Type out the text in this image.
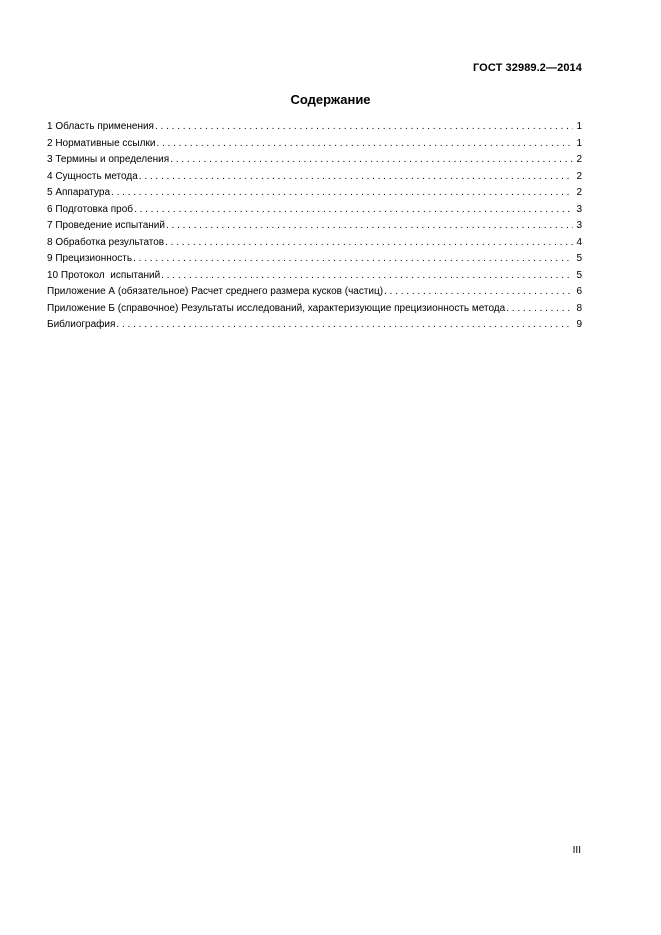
ГОСТ 32989.2—2014
Содержание
1 Область применения . . .	1
2 Нормативные ссылки . . .	1
3 Термины и определения . . .	2
4 Сущность метода . . .	2
5 Аппаратура . . .	2
6 Подготовка проб . . .	3
7 Проведение испытаний . . .	3
8 Обработка результатов . . .	4
9 Прецизионность . . .	5
10 Протокол  испытаний . . .	5
Приложение А (обязательное) Расчет среднего размера кусков (частиц) . . .	6
Приложение Б (справочное) Результаты исследований, характеризующие прецизионность метода . . .	8
Библиография . . .	9
III
